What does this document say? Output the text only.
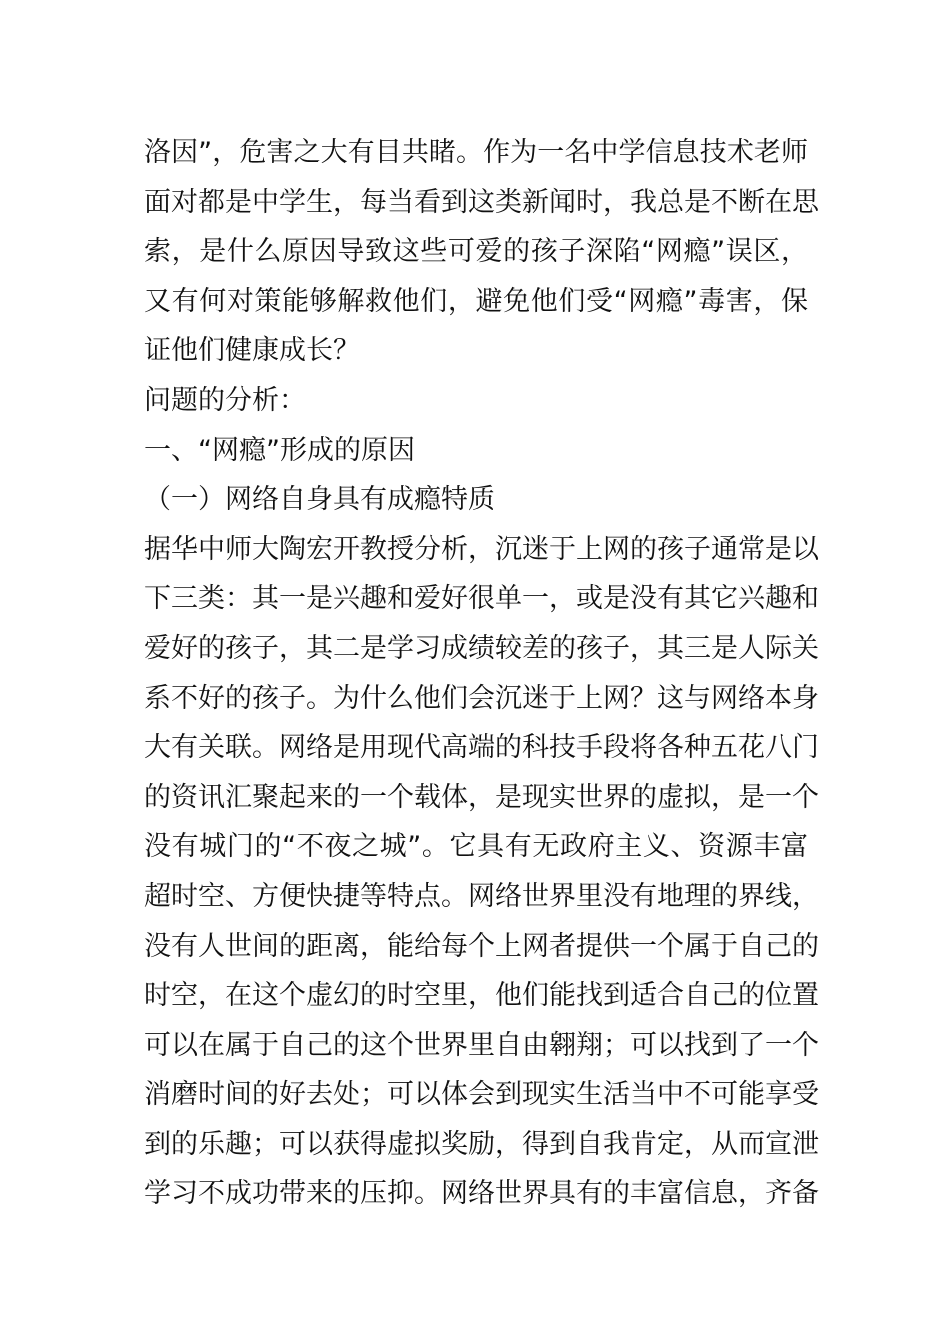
洛因”，危害之大有目共睹。作为一名中学信息技术老师
面对都是中学生，每当看到这类新闻时，我总是不断在思
索，是什么原因导致这些可爱的孩子深陷“网瘾”误区，
又有何对策能够解救他们，避免他们受“网瘾”毒害，保
证他们健康成长？
问题的分析：
一、“网瘾”形成的原因
（一）网络自身具有成瘾特质
据华中师大陶宏开教授分析，沉迷于上网的孩子通常是以
下三类：其一是兴趣和爱好很单一，或是没有其它兴趣和
爱好的孩子，其二是学习成绩较差的孩子，其三是人际关
系不好的孩子。为什么他们会沉迷于上网？这与网络本身
大有关联。网络是用现代高端的科技手段将各种五花八门
的资讯汇聚起来的一个载体，是现实世界的虚拟，是一个
没有城门的“不夜之城”。它具有无政府主义、资源丰富
超时空、方便快捷等特点。网络世界里没有地理的界线，
没有人世间的距离，能给每个上网者提供一个属于自己的
时空，在这个虚幻的时空里，他们能找到适合自己的位置
可以在属于自己的这个世界里自由翱翔；可以找到了一个
消磨时间的好去处；可以体会到现实生活当中不可能享受
到的乐趣；可以获得虚拟奖励，得到自我肯定，从而宣泄
学习不成功带来的压抑。网络世界具有的丰富信息，齐备
